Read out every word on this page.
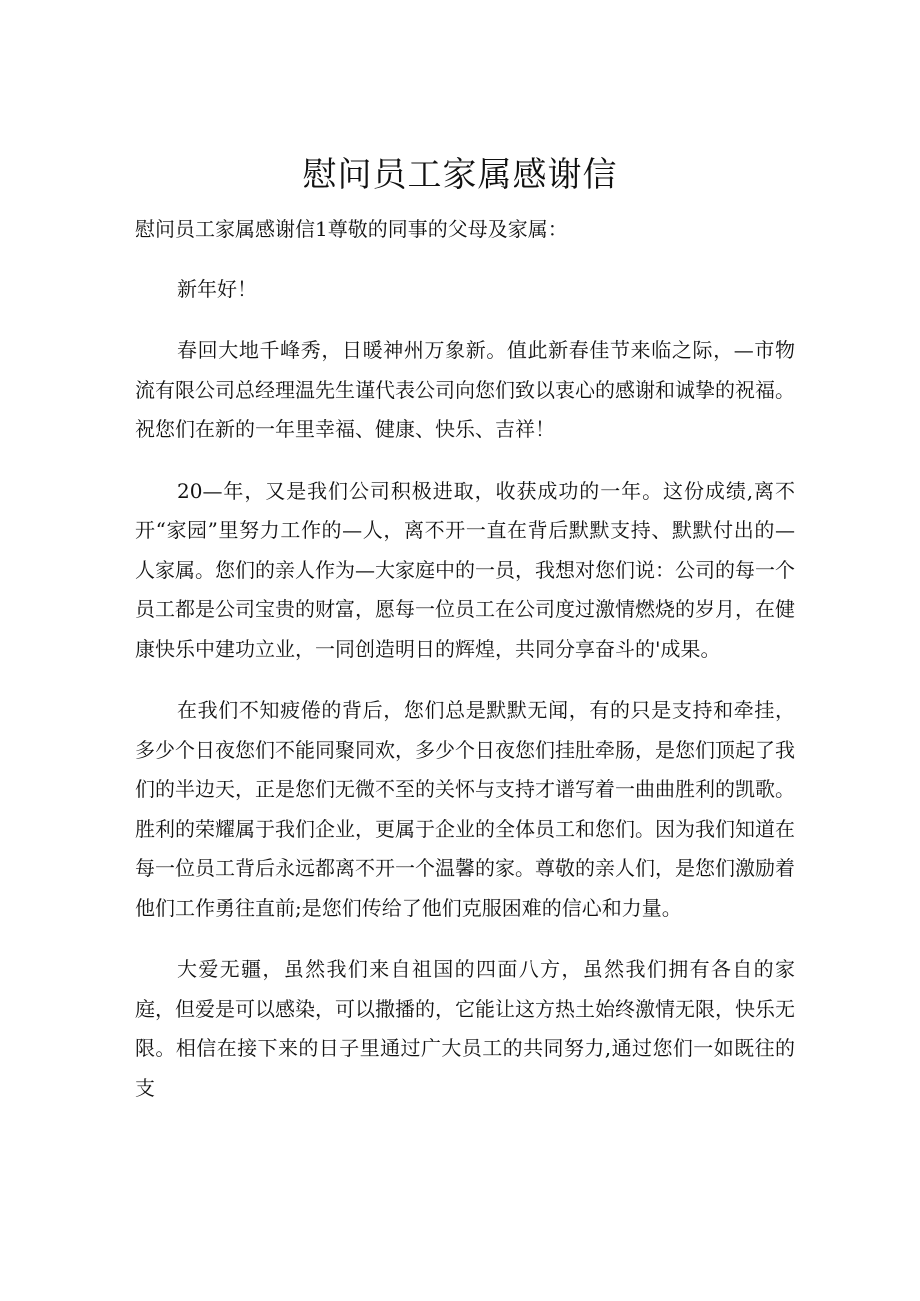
慰问员工家属感谢信

慰问员工家属感谢信1尊敬的同事的父母及家属：

新年好！

春回大地千峰秀，日暖神州万象新。值此新春佳节来临之际，—市物流有限公司总经理温先生谨代表公司向您们致以衷心的感谢和诚挚的祝福。祝您们在新的一年里幸福、健康、快乐、吉祥！

20—年，又是我们公司积极进取，收获成功的一年。这份成绩,离不开“家园”里努力工作的—人，离不开一直在背后默默支持、默默付出的—人家属。您们的亲人作为—大家庭中的一员，我想对您们说：公司的每一个员工都是公司宝贵的财富，愿每一位员工在公司度过激情燃烧的岁月，在健康快乐中建功立业，一同创造明日的辉煌，共同分享奋斗的'成果。

在我们不知疲倦的背后，您们总是默默无闻，有的只是支持和牵挂，多少个日夜您们不能同聚同欢，多少个日夜您们挂肚牵肠，是您们顶起了我们的半边天，正是您们无微不至的关怀与支持才谱写着一曲曲胜利的凯歌。胜利的荣耀属于我们企业，更属于企业的全体员工和您们。因为我们知道在每一位员工背后永远都离不开一个温馨的家。尊敬的亲人们，是您们激励着他们工作勇往直前;是您们传给了他们克服困难的信心和力量。

大爱无疆，虽然我们来自祖国的四面八方，虽然我们拥有各自的家庭，但爱是可以感染，可以撒播的，它能让这方热土始终激情无限，快乐无限。相信在接下来的日子里通过广大员工的共同努力,通过您们一如既往的支
